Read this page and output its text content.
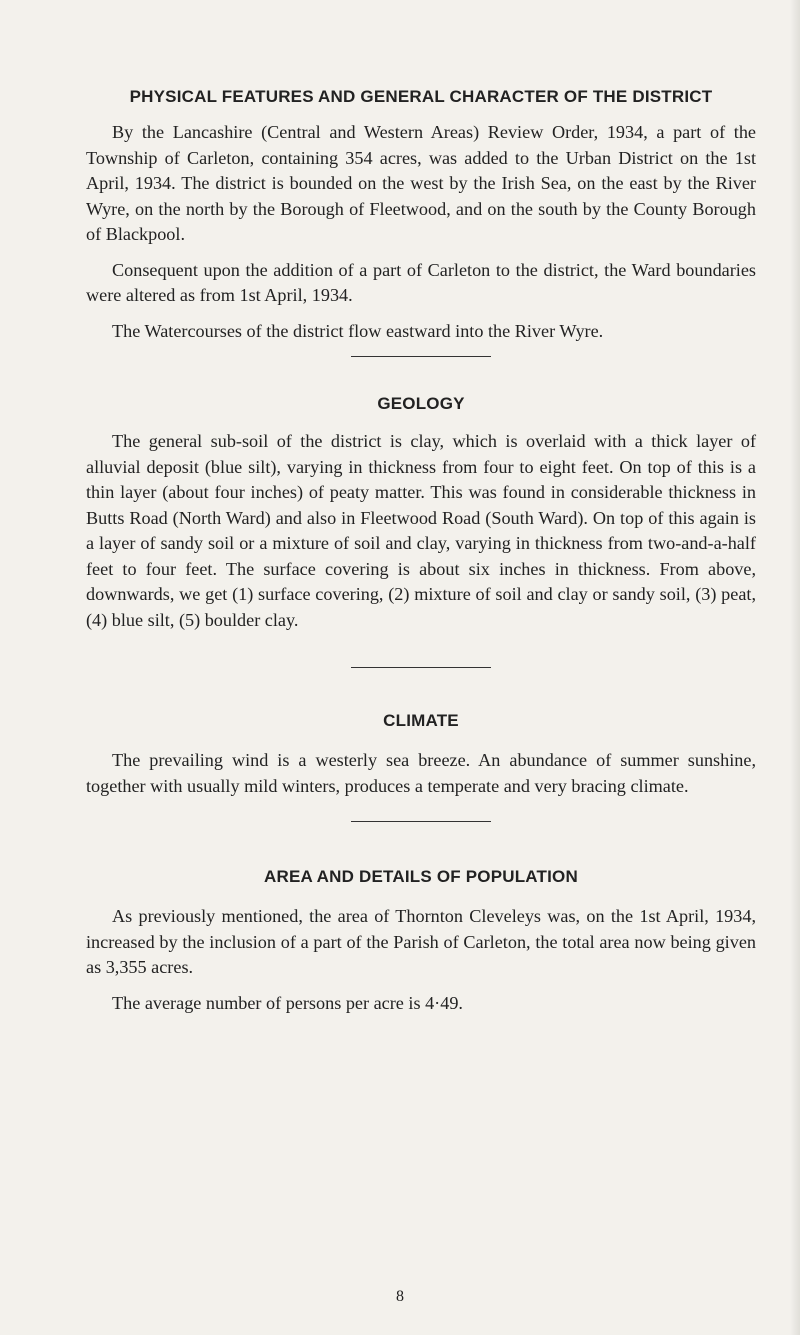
PHYSICAL FEATURES AND GENERAL CHARACTER OF THE DISTRICT

By the Lancashire (Central and Western Areas) Review Order, 1934, a part of the Township of Carleton, containing 354 acres, was added to the Urban District on the 1st April, 1934. The district is bounded on the west by the Irish Sea, on the east by the River Wyre, on the north by the Borough of Fleetwood, and on the south by the County Borough of Blackpool.

Consequent upon the addition of a part of Carleton to the district, the Ward boundaries were altered as from 1st April, 1934.

The Watercourses of the district flow eastward into the River Wyre.

GEOLOGY

The general sub-soil of the district is clay, which is overlaid with a thick layer of alluvial deposit (blue silt), varying in thickness from four to eight feet. On top of this is a thin layer (about four inches) of peaty matter. This was found in considerable thickness in Butts Road (North Ward) and also in Fleetwood Road (South Ward). On top of this again is a layer of sandy soil or a mixture of soil and clay, varying in thickness from two-and-a-half feet to four feet. The surface covering is about six inches in thickness. From above, downwards, we get (1) surface covering, (2) mixture of soil and clay or sandy soil, (3) peat, (4) blue silt, (5) boulder clay.

CLIMATE

The prevailing wind is a westerly sea breeze. An abundance of summer sunshine, together with usually mild winters, produces a temperate and very bracing climate.

AREA AND DETAILS OF POPULATION

As previously mentioned, the area of Thornton Cleveleys was, on the 1st April, 1934, increased by the inclusion of a part of the Parish of Carleton, the total area now being given as 3,355 acres.

The average number of persons per acre is 4·49.

8
